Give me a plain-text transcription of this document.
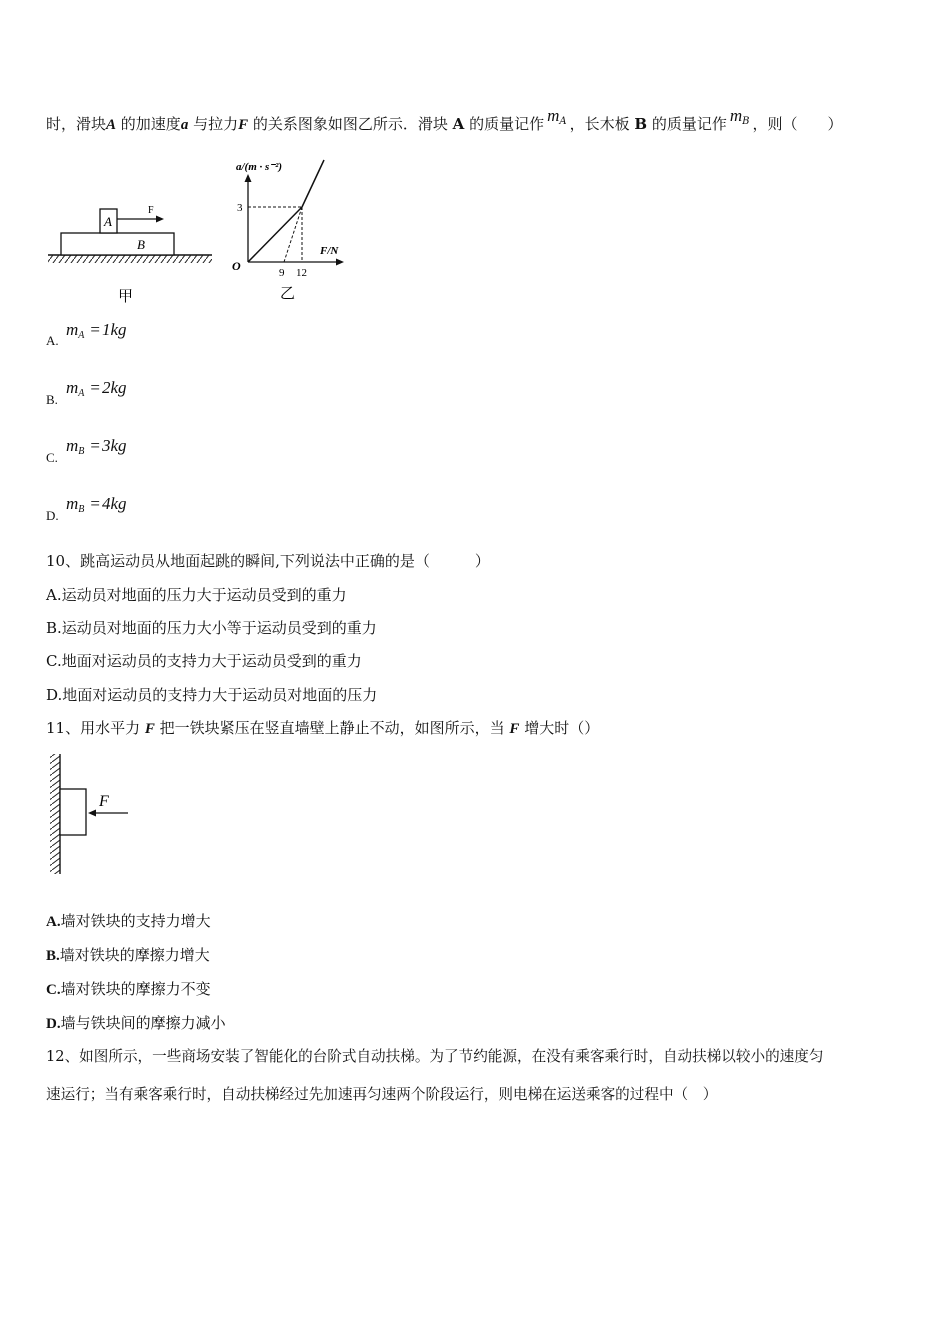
时，滑块A 的加速度a 与拉力F 的关系图象如图乙所示．滑块 A 的质量记作 $m_A$ ，长木板 B 的质量记作 $m_B$ ，则（　　）
A
B
F
甲
a/(m · s⁻²)
F/N
O
3
9 12
乙
A.
$m_A = 1kg$
B.
$m_A = 2kg$
C.
$m_B = 3kg$
D.
$m_B = 4kg$
10、跳高运动员从地面起跳的瞬间,下列说法中正确的是（　　　）
A.运动员对地面的压力大于运动员受到的重力
B.运动员对地面的压力大小等于运动员受到的重力
C.地面对运动员的支持力大于运动员受到的重力
D.地面对运动员的支持力大于运动员对地面的压力
11、用水平力 F 把一铁块紧压在竖直墙壁上静止不动，如图所示，当 F 增大时（）
F
A.墙对铁块的支持力增大
B.墙对铁块的摩擦力增大
C.墙对铁块的摩擦力不变
D.墙与铁块间的摩擦力减小
12、如图所示，一些商场安装了智能化的台阶式自动扶梯。为了节约能源，在没有乘客乘行时，自动扶梯以较小的速度匀
速运行；当有乘客乘行时，自动扶梯经过先加速再匀速两个阶段运行，则电梯在运送乘客的过程中（　）
